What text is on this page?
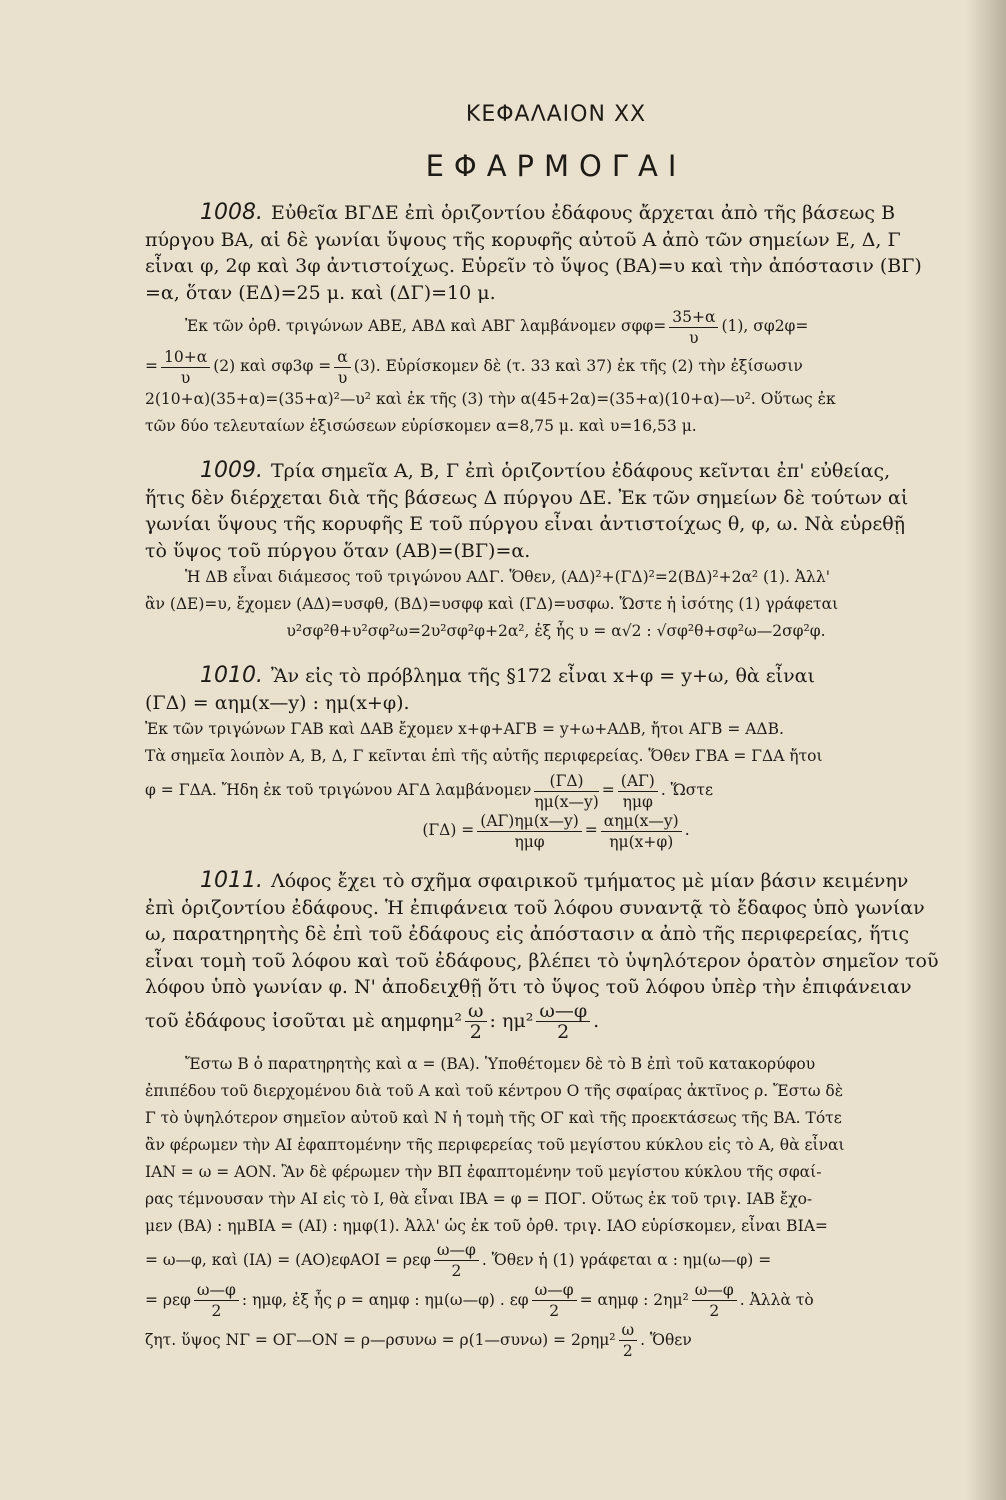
ΚΕΦΑΛΑΙΟΝ XX
ΕΦΑΡΜΟΓΑΙ
1008. Εὐθεῖα ΒΓΔΕ ἐπὶ ὁριζοντίου ἐδάφους ἄρχεται ἀπὸ τῆς βάσεως Β
πύργου ΒΑ, αἱ δὲ γωνίαι ὕψους τῆς κορυφῆς αὐτοῦ Α ἀπὸ τῶν σημείων Ε, Δ, Γ
εἶναι φ, 2φ καὶ 3φ ἀντιστοίχως. Εὑρεῖν τὸ ὕψος (ΒΑ)=υ καὶ τὴν ἀπόστασιν (ΒΓ)
=α, ὅταν (ΕΔ)=25 μ. καὶ (ΔΓ)=10 μ.
Ἐκ τῶν ὀρθ. τριγώνων ΑΒΕ, ΑΒΔ καὶ ΑΒΓ λαμβάνομεν $\sigma\varphi\varphi= \frac{35+\alpha}{\upsilon} (1)$, σφ2φ=
= $\frac{10+\alpha}{\upsilon} (2)$ καὶ $\sigma\varphi 3\varphi = \frac{\alpha}{\upsilon} (3)$. Εὑρίσκομεν δὲ (τ. 33 καὶ 37) ἐκ τῆς (2) τὴν ἐξίσωσιν
2(10+α)(35+α)=(35+α)²—υ² καὶ ἐκ τῆς (3) τὴν α(45+2α)=(35+α)(10+α)—υ². Οὕτως ἐκ
τῶν δύο τελευταίων ἐξισώσεων εὑρίσκομεν α=8,75 μ. καὶ υ=16,53 μ.
1009. Τρία σημεῖα Α, Β, Γ ἐπὶ ὁριζοντίου ἐδάφους κεῖνται ἐπ' εὐθείας,
ἥτις δὲν διέρχεται διὰ τῆς βάσεως Δ πύργου ΔΕ. Ἐκ τῶν σημείων δὲ τούτων αἱ
γωνίαι ὕψους τῆς κορυφῆς Ε τοῦ πύργου εἶναι ἀντιστοίχως θ, φ, ω. Νὰ εὑρεθῇ
τὸ ὕψος τοῦ πύργου ὅταν (ΑΒ)=(ΒΓ)=α.
Ἡ ΔΒ εἶναι διάμεσος τοῦ τριγώνου ΑΔΓ. Ὅθεν, (ΑΔ)²+(ΓΔ)²=2(ΒΔ)²+2α² (1). Ἀλλ'
ἂν (ΔΕ)=υ, ἔχομεν (ΑΔ)=υσφθ, (ΒΔ)=υσφφ καὶ (ΓΔ)=υσφω. Ὥστε ἡ ἰσότης (1) γράφεται
υ²σφ²θ+υ²σφ²ω=2υ²σφ²φ+2α², ἐξ ἧς υ = α√2 : √σφ²θ+σφ²ω—2σφ²φ.
1010. Ἂν εἰς τὸ πρόβλημα τῆς §172 εἶναι x+φ = y+ω, θὰ εἶναι
(ΓΔ) = αημ(x—y) : ημ(x+φ).
Ἐκ τῶν τριγώνων ΓΑΒ καὶ ΔΑΒ ἔχομεν x+φ+ΑΓΒ = y+ω+ΑΔΒ, ἤτοι ΑΓΒ = ΑΔΒ.
Τὰ σημεῖα λοιπὸν Α, Β, Δ, Γ κεῖνται ἐπὶ τῆς αὐτῆς περιφερείας. Ὅθεν ΓΒΑ = ΓΔΑ ἤτοι
φ = ΓΔΑ. Ἤδη ἐκ τοῦ τριγώνου ΑΓΔ λαμβάνομεν $\frac{(\Gamma\Delta)}{\eta\mu(x—y)} = \frac{(A\Gamma)}{\text{ημφ}}$ . Ὥστε
$(\Gamma\Delta) = \frac{(A\Gamma)\eta\mu(x—y)}{\text{ημφ}} = \frac{\text{αημ(x—y)}}{\eta\mu(x+\varphi)}$ .
1011. Λόφος ἔχει τὸ σχῆμα σφαιρικοῦ τμήματος μὲ μίαν βάσιν κειμένην
ἐπὶ ὁριζοντίου ἐδάφους. Ἡ ἐπιφάνεια τοῦ λόφου συναντᾷ τὸ ἔδαφος ὑπὸ γωνίαν
ω, παρατηρητὴς δὲ ἐπὶ τοῦ ἐδάφους εἰς ἀπόστασιν α ἀπὸ τῆς περιφερείας, ἥτις
εἶναι τομὴ τοῦ λόφου καὶ τοῦ ἐδάφους, βλέπει τὸ ὑψηλότερον ὁρατὸν σημεῖον τοῦ
λόφου ὑπὸ γωνίαν φ. Ν' ἀποδειχθῇ ὅτι τὸ ὕψος τοῦ λόφου ὑπὲρ τὴν ἐπιφάνειαν
τοῦ ἐδάφους ἰσοῦται μὲ $\alpha\eta\mu\varphi\eta\mu^2 \frac{\omega}{2}$ : $\eta\mu^2 \frac{\omega—\varphi}{2}$ .
Ἔστω Β ὁ παρατηρητὴς καὶ α = (ΒΑ). Ὑποθέτομεν δὲ τὸ Β ἐπὶ τοῦ κατακορύφου
ἐπιπέδου τοῦ διερχομένου διὰ τοῦ Α καὶ τοῦ κέντρου Ο τῆς σφαίρας ἀκτῖνος ρ. Ἔστω δὲ
Γ τὸ ὑψηλότερον σημεῖον αὐτοῦ καὶ Ν ἡ τομὴ τῆς ΟΓ καὶ τῆς προεκτάσεως τῆς ΒΑ. Τότε
ἂν φέρωμεν τὴν ΑΙ ἐφαπτομένην τῆς περιφερείας τοῦ μεγίστου κύκλου εἰς τὸ Α, θὰ εἶναι
ΙΑΝ = ω = ΑΟΝ. Ἂν δὲ φέρωμεν τὴν ΒΠ ἐφαπτομένην τοῦ μεγίστου κύκλου τῆς σφαί-
ρας τέμνουσαν τὴν ΑΙ εἰς τὸ Ι, θὰ εἶναι ΙΒΑ = φ = ΠΟΓ. Οὕτως ἐκ τοῦ τριγ. ΙΑΒ ἔχο-
μεν (ΒΑ) : ημΒΙΑ = (ΑΙ) : ημφ(1). Ἀλλ' ὡς ἐκ τοῦ ὀρθ. τριγ. ΙΑΟ εὑρίσκομεν, εἶναι ΒΙΑ=
= ω—φ, καὶ (ΙΑ) = (ΑΟ)εφΑΟΙ = ρεφ $\frac{\omega—\varphi}{2}$ . Ὅθεν ἡ (1) γράφεται α : ημ(ω—φ) =
= ρεφ $\frac{\omega—\varphi}{2}$ : ημφ, ἐξ ἧς ρ = αημφ : ημ(ω—φ) . εφ $\frac{\omega—\varphi}{2} = \alpha\eta\mu\varphi$ : $2\eta\mu^2 \frac{\omega—\varphi}{2}$ . Ἀλλὰ τὸ
ζητ. ὕψος ΝΓ = ΟΓ—ΟΝ = ρ—ρσυνω = ρ(1—συνω) = $2\rho\eta\mu^2 \frac{\omega}{2}$ . Ὅθεν
